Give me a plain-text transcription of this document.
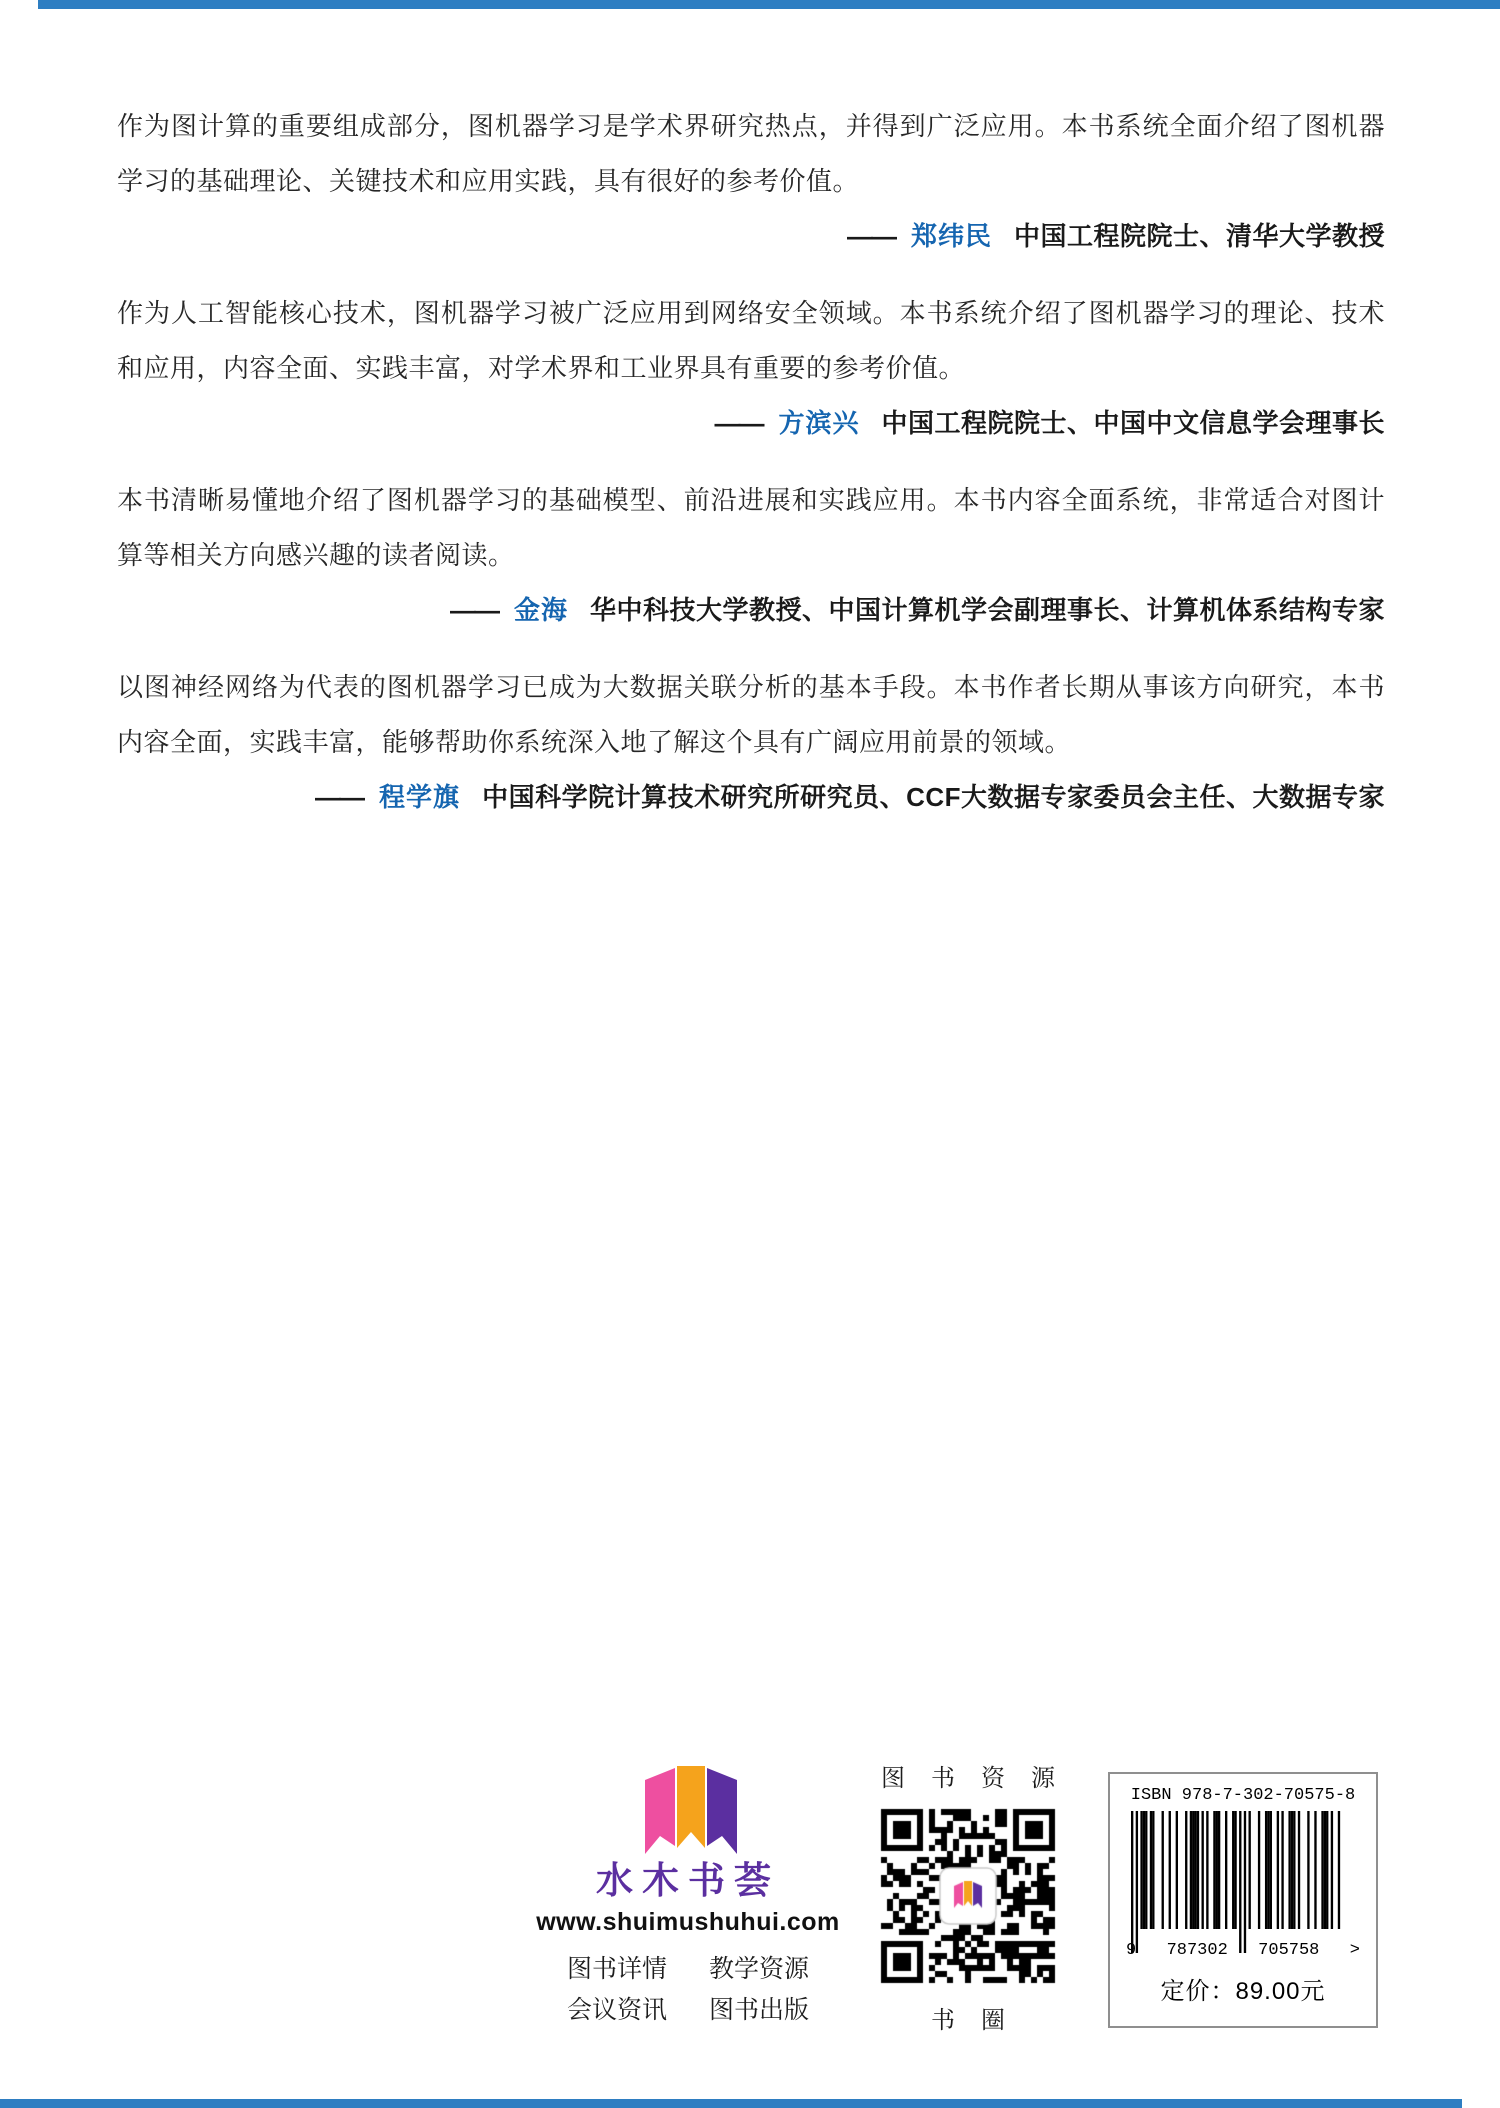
作为图计算的重要组成部分，图机器学习是学术界研究热点，并得到广泛应用。本书系统全面介绍了图机器学习的基础理论、关键技术和应用实践，具有很好的参考价值。
—— 郑纬民 中国工程院院士、清华大学教授
作为人工智能核心技术，图机器学习被广泛应用到网络安全领域。本书系统介绍了图机器学习的理论、技术和应用，内容全面、实践丰富，对学术界和工业界具有重要的参考价值。
—— 方滨兴 中国工程院院士、中国中文信息学会理事长
本书清晰易懂地介绍了图机器学习的基础模型、前沿进展和实践应用。本书内容全面系统，非常适合对图计算等相关方向感兴趣的读者阅读。
—— 金海 华中科技大学教授、中国计算机学会副理事长、计算机体系结构专家
以图神经网络为代表的图机器学习已成为大数据关联分析的基本手段。本书作者长期从事该方向研究，本书内容全面，实践丰富，能够帮助你系统深入地了解这个具有广阔应用前景的领域。
—— 程学旗 中国科学院计算技术研究所研究员、CCF大数据专家委员会主任、大数据专家
水木书荟
www.shuimushuhui.com
图书详情 教学资源
会议资讯 图书出版
图书资源
书圈
ISBN 978-7-302-70575-8
9 787302 705758 >
定价：89.00元
